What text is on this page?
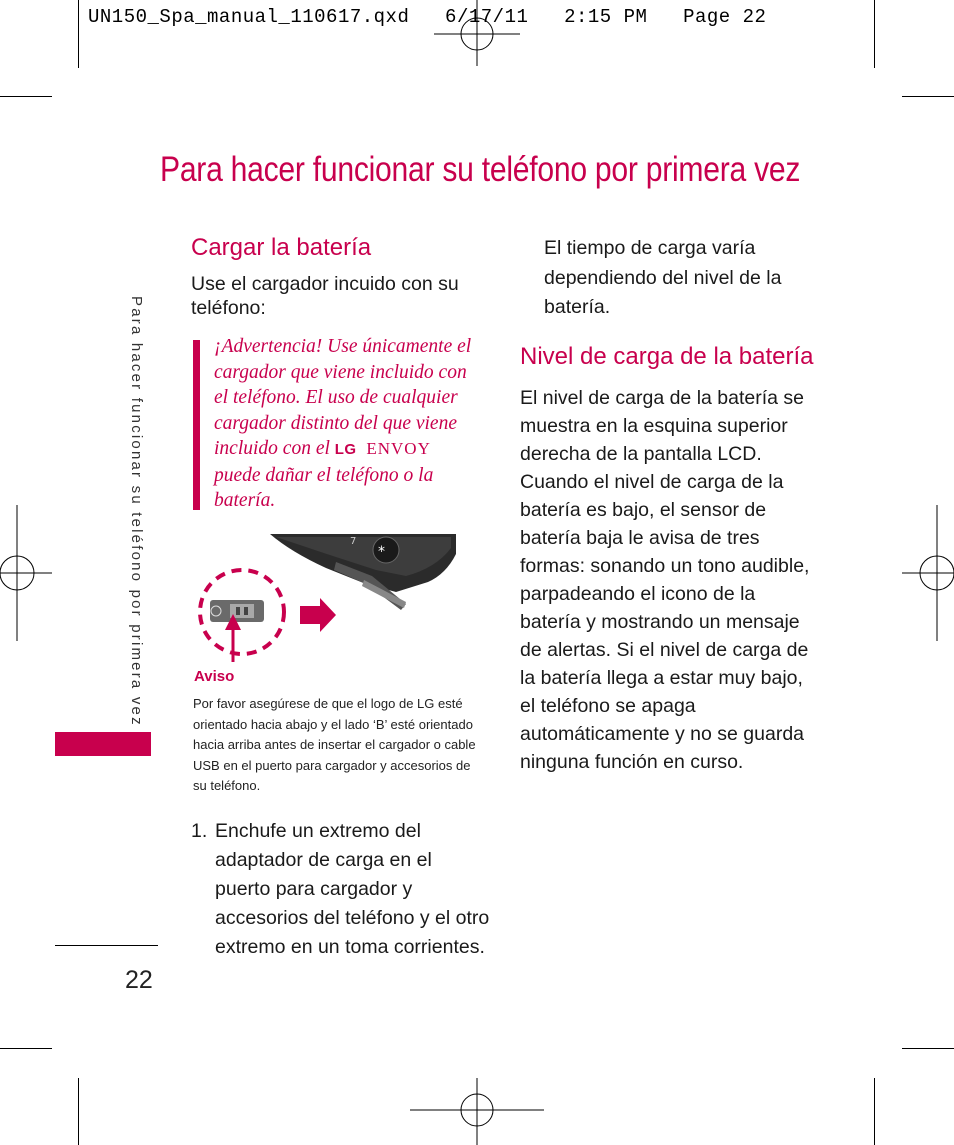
UN150_Spa_manual_110617.qxd   6/17/11   2:15 PM   Page 22
Para hacer funcionar su teléfono por primera vez
Para hacer funcionar su teléfono por primera vez
Cargar la batería
Use el cargador incuido con su teléfono:
¡Advertencia! Use únicamente el cargador que viene incluido con el teléfono. El uso de cualquier cargador distinto del que viene incluido con el LG ENVOY puede dañar el teléfono o la batería.
*
7
Aviso
Por favor asegúrese de que el logo de LG esté orientado hacia abajo y el lado ‘B’ esté orientado hacia arriba antes de insertar el cargador o cable USB en el puerto para cargador y accesorios de su teléfono.
1. Enchufe un extremo del adaptador de carga en el puerto para cargador y accesorios del teléfono y el otro extremo en un toma corrientes.
El tiempo de carga varía dependiendo del nivel de la batería.
Nivel de carga de la batería
El nivel de carga de la batería se muestra en la esquina superior derecha de la pantalla LCD. Cuando el nivel de carga de la batería es bajo, el sensor de batería baja le avisa de tres formas: sonando un tono audible, parpadeando el icono de la batería y mostrando un mensaje de alertas. Si el nivel de carga de la batería llega a estar muy bajo, el teléfono se apaga automáticamente y no se guarda ninguna función en curso.
22
